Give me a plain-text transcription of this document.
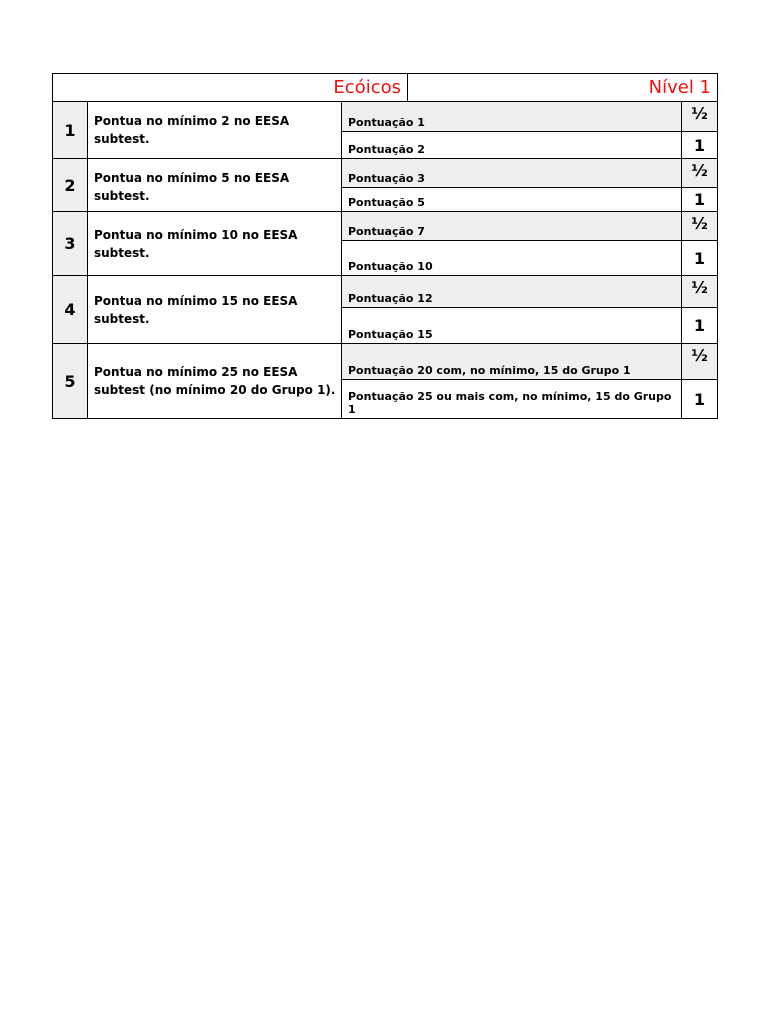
Ecóicos			Nível 1	
1	Pontua no mínimo 2 no EESA subtest.	Pontuação 1		½
		Pontuação 2		1
2	Pontua no mínimo 5 no EESA subtest.	Pontuação 3		½
		Pontuação 5		1
3	Pontua no mínimo 10 no EESA subtest.	Pontuação 7		½
		Pontuação 10		1
4	Pontua no mínimo 15 no EESA subtest.	Pontuação 12		½
		Pontuação 15		1
5	Pontua no mínimo 25 no EESA subtest (no mínimo 20 do Grupo 1).	Pontuação 20 com, no mínimo, 15 do Grupo 1		½
		Pontuação 25 ou mais com, no mínimo, 15 do Grupo 1		1
